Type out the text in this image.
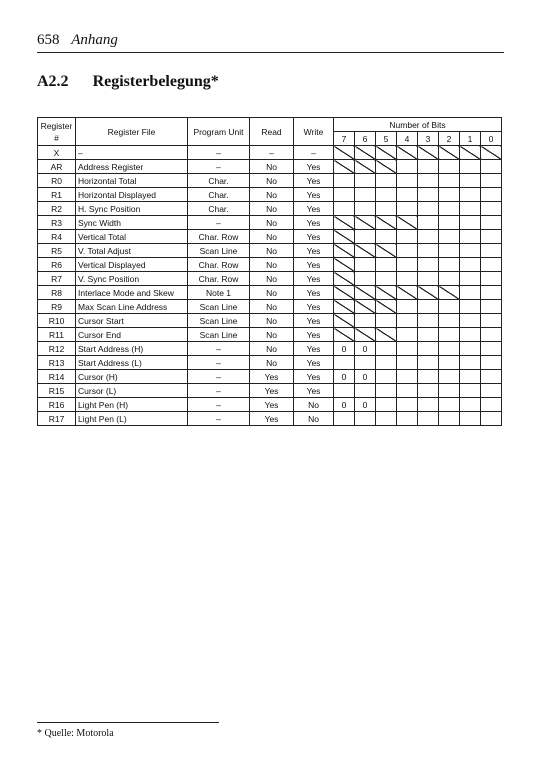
658 Anhang
A2.2 Registerbelegung*
Register #	Register File	Program Unit	Read	Write	Number of Bits							
					7	6	5	4	3	2	1	0
X	–	–	–	–								
AR	Address Register	–	No	Yes								
R0	Horizontal Total	Char.	No	Yes								
R1	Horizontal Displayed	Char.	No	Yes								
R2	H. Sync Position	Char.	No	Yes								
R3	Sync Width	–	No	Yes								
R4	Vertical Total	Char. Row	No	Yes								
R5	V. Total Adjust	Scan Line	No	Yes								
R6	Vertical Displayed	Char. Row	No	Yes								
R7	V. Sync Position	Char. Row	No	Yes								
R8	Interlace Mode and Skew	Note 1	No	Yes								
R9	Max Scan Line Address	Scan Line	No	Yes								
R10	Cursor Start	Scan Line	No	Yes								
R11	Cursor End	Scan Line	No	Yes								
R12	Start Address (H)	–	No	Yes	0	0						
R13	Start Address (L)	–	No	Yes								
R14	Cursor (H)	–	Yes	Yes	0	0						
R15	Cursor (L)	–	Yes	Yes								
R16	Light Pen (H)	–	Yes	No	0	0						
R17	Light Pen (L)	–	Yes	No								
* Quelle: Motorola
